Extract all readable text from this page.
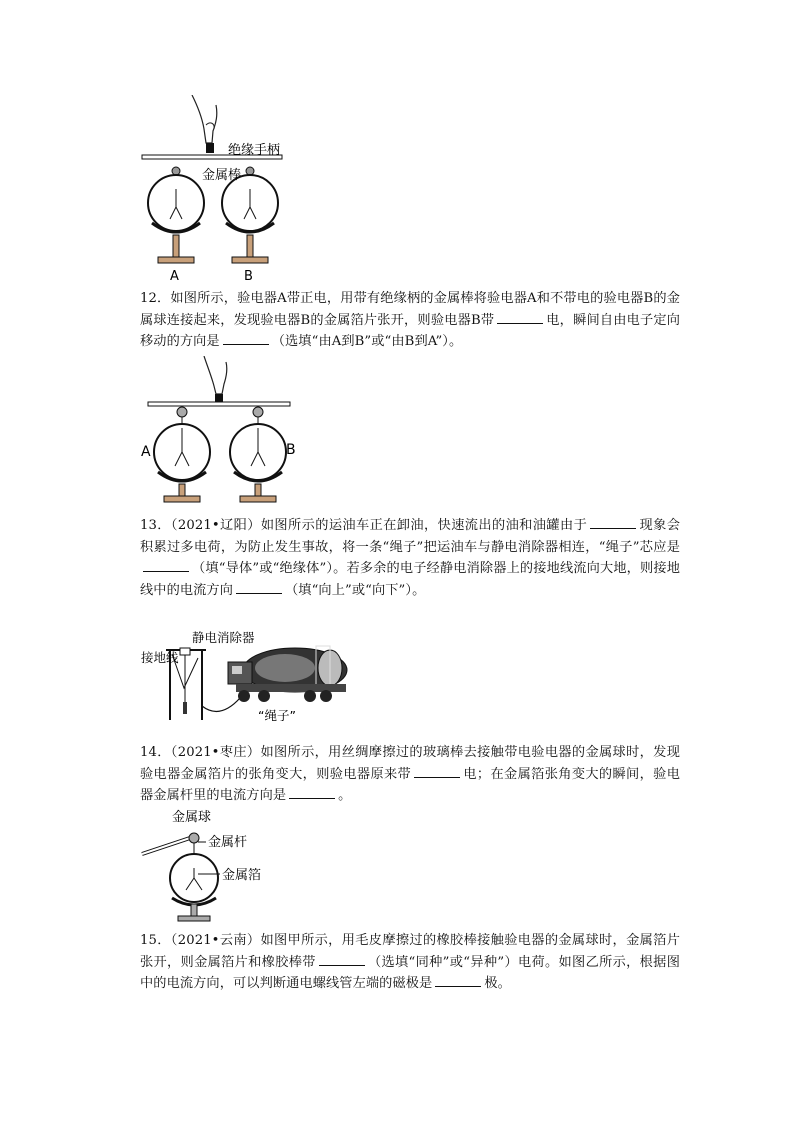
绝缘手柄
金属棒
A	B
12．如图所示，验电器A带正电，用带有绝缘柄的金属棒将验电器A和不带电的验电器B的金属球连接起来，发现验电器B的金属箔片张开，则验电器B带	电，瞬间自由电子定向移动的方向是	（选填“由A到B”或“由B到A”）。
A	B
13．（2021•辽阳）如图所示的运油车正在卸油，快速流出的油和油罐由于	现象会积累过多电荷，为防止发生事故，将一条“绳子”把运油车与静电消除器相连，“绳子”芯应是（填“导体”或“绝缘体”）。若多余的电子经静电消除器上的接地线流向大地，则接地线中的电流方向	（填“向上”或“向下”）。
静电消除器
接地线
“绳子”
14．（2021•枣庄）如图所示，用丝绸摩擦过的玻璃棒去接触带电验电器的金属球时，发现验电器金属箔片的张角变大，则验电器原来带	电；在金属箔张角变大的瞬间，验电器金属杆里的电流方向是	。
金属球
金属杆
金属箔
15．（2021•云南）如图甲所示，用毛皮摩擦过的橡胶棒接触验电器的金属球时，金属箔片张开，则金属箔片和橡胶棒带	（选填“同种”或“异种”）电荷。如图乙所示，根据图中的电流方向，可以判断通电螺线管左端的磁极是	极。
